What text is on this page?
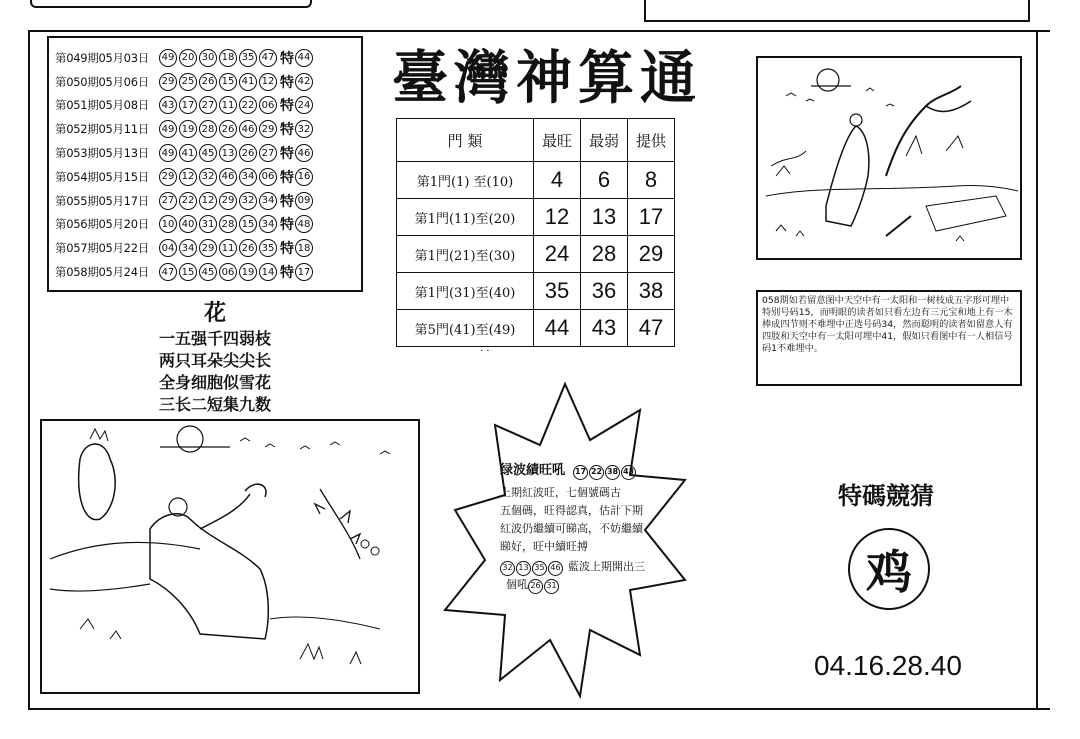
第049期05月03日	49 20 30 18 35 47 特 44
第050期05月06日	29 25 26 15 41 12 特 42
第051期05月08日	43 17 27 11 22 06 特 24
第052期05月11日	49 19 28 26 46 29 特 32
第053期05月13日	49 41 45 13 26 27 特 46
第054期05月15日	29 12 32 46 34 06 特 16
第055期05月17日	27 22 12 29 32 34 特 09
第056期05月20日	10 40 31 28 15 34 特 48
第057期05月22日	04 34 29 11 26 35 特 18
第058期05月24日	47 15 45 06 19 14 特 17
臺灣神算通
門 類	最旺	最弱	提供
第1門(1) 至(10)	4	6	8
第1門(11)至(20)	12	13	17
第1門(21)至(30)	24	28	29
第1門(31)至(40)	35	36	38
第5門(41)至(49)	44	43	47
· ·
花
一五强千四弱枝
两只耳朵尖尖长
全身细胞似雪花
三长二短集九数
058期如若留意图中天空中有一太阳和一树枝成五字形可埋中特别号码15，而明眼的读者如只看左边有三元宝和地上有一木棒成四节则不难埋中正选号码34，然而聪明的读者如留意人有四肢和天空中有一太阳可埋中41，假如只看图中有一人相信号码1不难埋中。
绿波績旺吼 17 22 38 43
上期紅波旺，七個號碼古
五個碼，旺得認真，估計下期
紅波仍繼續可睇高，不妨繼續
睇好，旺中續旺搏
32 13 35 46 藍波上期開出三
個吼 26 31
特碼競猜
鸡
04.16.28.40
